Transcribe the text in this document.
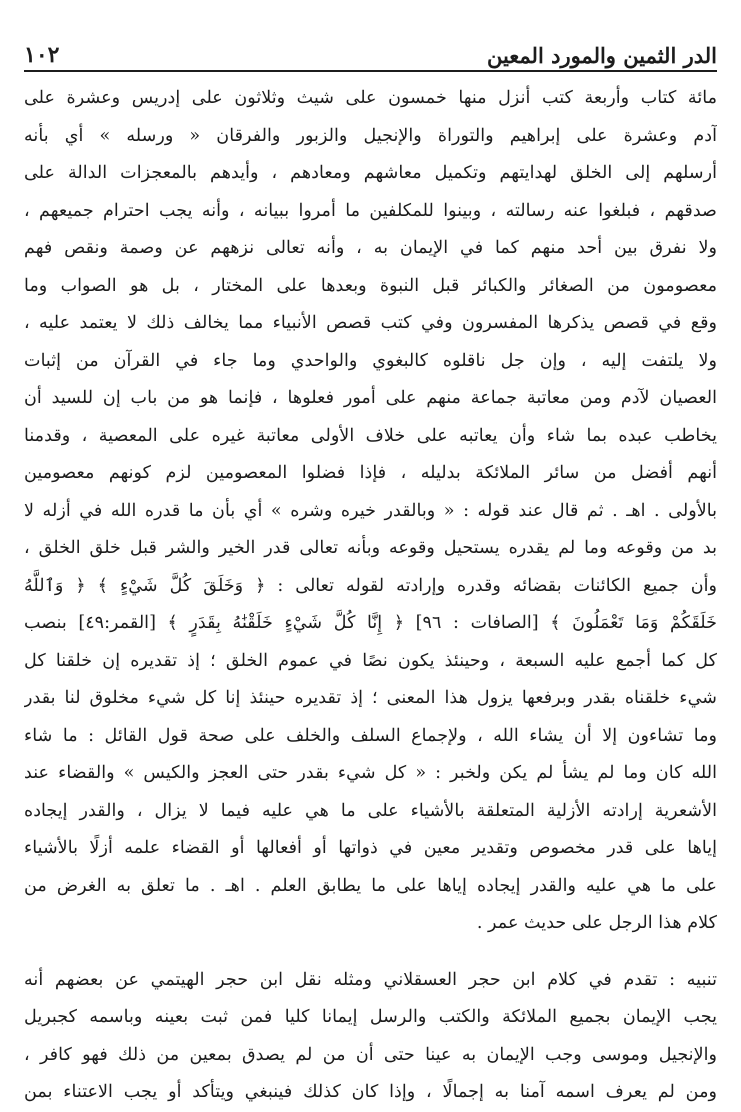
١٠٢	الدر الثمين والمورد المعين
مائة كتاب وأربعة كتب أنزل منها خمسون على شيث وثلاثون على إدريس وعشرة على
آدم وعشرة على إبراهيم والتوراة والإنجيل والزبور والفرقان « ورسله » أي بأنه
أرسلهم إلى الخلق لهدايتهم وتكميل معاشهم ومعادهم ، وأيدهم بالمعجزات الدالة على
صدقهم ، فبلغوا عنه رسالته ، وبينوا للمكلفين ما أمروا ببيانه ، وأنه يجب احترام جميعهم ،
ولا نفرق بين أحد منهم كما في الإيمان به ، وأنه تعالى نزههم عن وصمة ونقص فهم
معصومون من الصغائر والكبائر قبل النبوة وبعدها على المختار ، بل هو الصواب وما
وقع في قصص يذكرها المفسرون وفي كتب قصص الأنبياء مما يخالف ذلك لا يعتمد عليه ،
ولا يلتفت إليه ، وإن جل ناقلوه كالبغوي والواحدي وما جاء في القرآن من إثبات
العصيان لآدم ومن معاتبة جماعة منهم على أمور فعلوها ، فإنما هو من باب إن للسيد أن
يخاطب عبده بما شاء وأن يعاتبه على خلاف الأولى معاتبة غيره على المعصية ، وقدمنا
أنهم أفضل من سائر الملائكة بدليله ، فإذا فضلوا المعصومين لزم كونهم معصومين
بالأولى . اهـ . ثم قال عند قوله : « وبالقدر خيره وشره » أي بأن ما قدره الله في أزله لا
بد من وقوعه وما لم يقدره يستحيل وقوعه وبأنه تعالى قدر الخير والشر قبل خلق الخلق ،
وأن جميع الكائنات بقضائه وقدره وإرادته لقوله تعالى : ﴿ وَخَلَقَ كُلَّ شَيْءٍ ﴾ ﴿ وَٱللَّهُ
خَلَقَكُمْ وَمَا تَعْمَلُونَ ﴾ [الصافات : ٩٦] ﴿ إِنَّا كُلَّ شَيْءٍ خَلَقْنَٰهُ بِقَدَرٍ ﴾ [القمر:٤٩] بنصب
كل كما أجمع عليه السبعة ، وحينئذ يكون نصًا في عموم الخلق ؛ إذ تقديره إن خلقنا كل
شيء خلقناه بقدر وبرفعها يزول هذا المعنى ؛ إذ تقديره حينئذ إنا كل شيء مخلوق لنا بقدر
وما تشاءون إلا أن يشاء الله ، ولإجماع السلف والخلف على صحة قول القائل : ما شاء
الله كان وما لم يشأ لم يكن ولخبر : « كل شيء بقدر حتى العجز والكيس » والقضاء عند
الأشعرية إرادته الأزلية المتعلقة بالأشياء على ما هي عليه فيما لا يزال ، والقدر إيجاده
إياها على قدر مخصوص وتقدير معين في ذواتها أو أفعالها أو القضاء علمه أزلًا بالأشياء
على ما هي عليه والقدر إيجاده إياها على ما يطابق العلم . اهـ . ما تعلق به الغرض من
كلام هذا الرجل على حديث عمر .
تنبيه : تقدم في كلام ابن حجر العسقلاني ومثله نقل ابن حجر الهيتمي عن بعضهم أنه
يجب الإيمان بجميع الملائكة والكتب والرسل إيمانا كليا فمن ثبت بعينه وباسمه كجبريل
والإنجيل وموسى وجب الإيمان به عينا حتى أن من لم يصدق بمعين من ذلك فهو كافر ،
ومن لم يعرف اسمه آمنا به إجمالًا ، وإذا كان كذلك فينبغي ويتأكد أو يجب الاعتناء بمن
